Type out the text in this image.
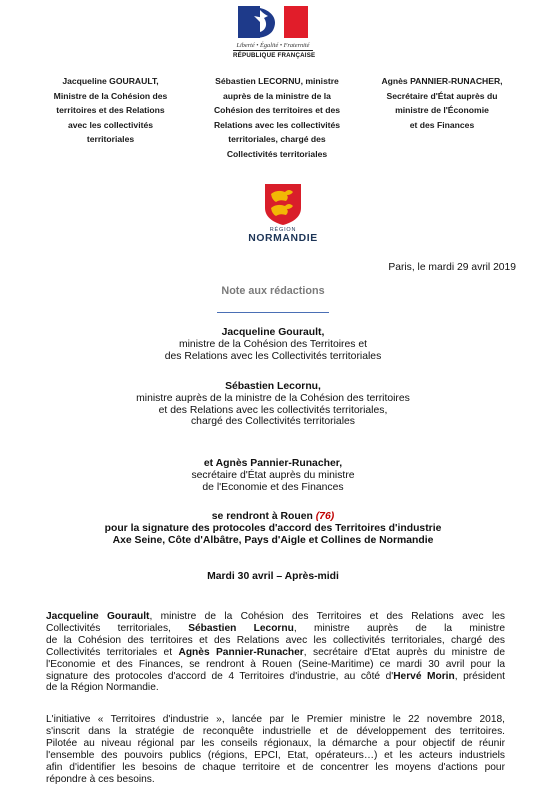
Liberté • Égalité • Fraternité
RÉPUBLIQUE FRANÇAISE
Jacqueline GOURAULT,
Ministre de la Cohésion des
territoires et des Relations
avec les collectivités
territoriales
Sébastien LECORNU, ministre
auprès de la ministre de la
Cohésion des territoires et des
Relations avec les collectivités
territoriales, chargé des
Collectivités territoriales
Agnès PANNIER-RUNACHER,
Secrétaire d'État auprès du
ministre de l'Économie
et des Finances
RÉGION
NORMANDIE
Paris, le mardi 29 avril 2019
Note aux rédactions
Jacqueline Gourault,
ministre de la Cohésion des Territoires et
des Relations avec les Collectivités territoriales
Sébastien Lecornu,
ministre auprès de la ministre de la Cohésion des territoires
et des Relations avec les collectivités territoriales,
chargé des Collectivités territoriales
et Agnès Pannier-Runacher,
secrétaire d'État auprès du ministre
de l'Economie et des Finances
se rendront à Rouen (76)
pour la signature des protocoles d'accord des Territoires d'industrie
Axe Seine, Côte d'Albâtre, Pays d'Aigle et Collines de Normandie
Mardi 30 avril – Après-midi
Jacqueline Gourault, ministre de la Cohésion des Territoires et des Relations avec les
Collectivités territoriales, Sébastien Lecornu, ministre auprès de la ministre
de la Cohésion des territoires et des Relations avec les collectivités territoriales, chargé des
Collectivités territoriales et Agnès Pannier-Runacher, secrétaire d'Etat auprès du ministre de
l'Economie et des Finances, se rendront à Rouen (Seine-Maritime) ce mardi 30 avril pour la
signature des protocoles d'accord de 4 Territoires d'industrie, au côté d'Hervé Morin, président
de la Région Normandie.
L'initiative « Territoires d'industrie », lancée par le Premier ministre le 22 novembre 2018,
s'inscrit dans la stratégie de reconquête industrielle et de développement des territoires.
Pilotée au niveau régional par les conseils régionaux, la démarche a pour objectif de réunir
l'ensemble des pouvoirs publics (régions, EPCI, Etat, opérateurs…) et les acteurs industriels
afin d'identifier les besoins de chaque territoire et de concentrer les moyens d'actions pour
répondre à ces besoins.
